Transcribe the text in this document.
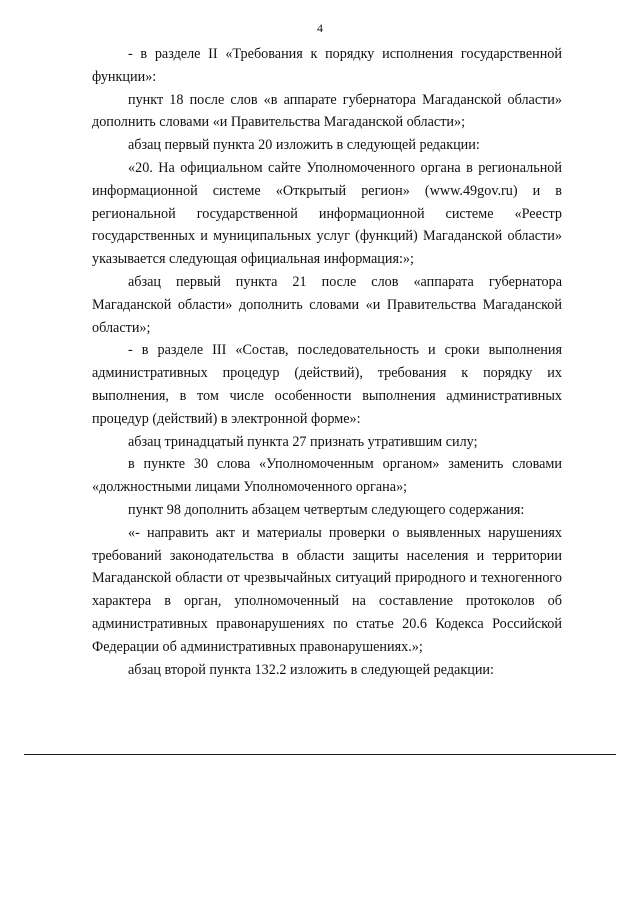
4

- в разделе II «Требования к порядку исполнения государственной функции»:

пункт 18 после слов «в аппарате губернатора Магаданской области» дополнить словами «и Правительства Магаданской области»;

абзац первый пункта 20 изложить в следующей редакции:

«20. На официальном сайте Уполномоченного органа в региональной информационной системе «Открытый регион» (www.49gov.ru) и в региональной государственной информационной системе «Реестр государственных и муниципальных услуг (функций) Магаданской области» указывается следующая официальная информация:»;

абзац первый пункта 21 после слов «аппарата губернатора Магаданской области» дополнить словами «и Правительства Магаданской области»;

- в разделе III «Состав, последовательность и сроки выполнения административных процедур (действий), требования к порядку их выполнения, в том числе особенности выполнения административных процедур (действий) в электронной форме»:

абзац тринадцатый пункта 27 признать утратившим силу;

в пункте 30 слова «Уполномоченным органом» заменить словами «должностными лицами Уполномоченного органа»;

пункт 98 дополнить абзацем четвертым следующего содержания:

«- направить акт и материалы проверки о выявленных нарушениях требований законодательства в области защиты населения и территории Магаданской области от чрезвычайных ситуаций природного и техногенного характера в орган, уполномоченный на составление протоколов об административных правонарушениях по статье 20.6 Кодекса Российской Федерации об административных правонарушениях.»;

абзац второй пункта 132.2 изложить в следующей редакции:
